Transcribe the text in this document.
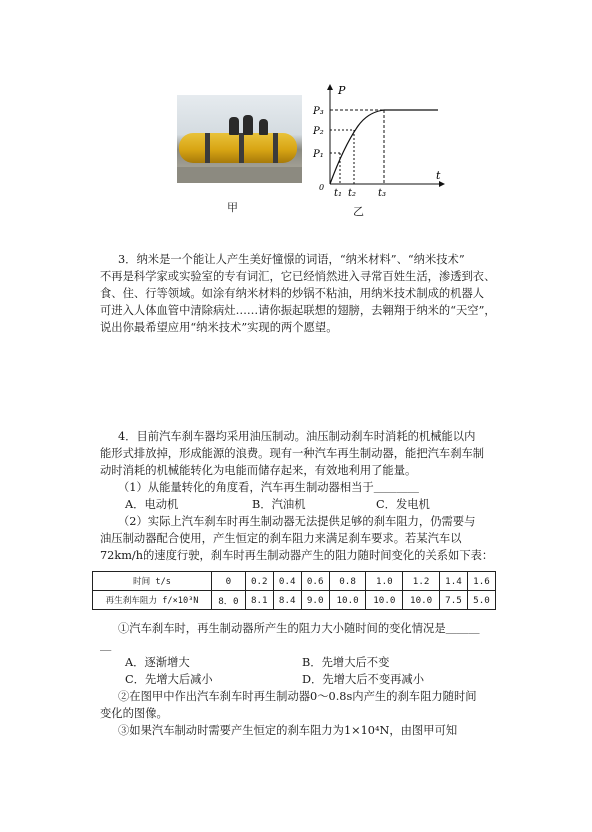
甲
P
t
0
P₁
P₂
P₃
t₁ t₂ t₃
乙
3．纳米是一个能让人产生美好憧憬的词语，“纳米材料”、“纳米技术”
不再是科学家或实验室的专有词汇，它已经悄然进入寻常百姓生活，渗透到衣、
食、住、行等领域。如涂有纳米材料的炒锅不粘油，用纳米技术制成的机器人
可进入人体血管中清除病灶……请你振起联想的翅膀，去翱翔于纳米的“天空”，
说出你最希望应用“纳米技术”实现的两个愿望。
4．目前汽车刹车器均采用油压制动。油压制动刹车时消耗的机械能以内
能形式排放掉，形成能源的浪费。现有一种汽车再生制动器，能把汽车刹车制
动时消耗的机械能转化为电能而储存起来，有效地利用了能量。
（1）从能量转化的角度看，汽车再生制动器相当于＿＿＿＿
A．电动机	B．汽油机	C．发电机
（2）实际上汽车刹车时再生制动器无法提供足够的刹车阻力，仍需要与
油压制动器配合使用，产生恒定的刹车阻力来满足刹车要求。若某汽车以
72km/h的速度行驶，刹车时再生制动器产生的阻力随时间变化的关系如下表：
时间 t/s	0	0.2	0.4	0.6	0.8	1.0	1.2	1.4	1.6
再生刹车阻力 f/×10³N	8．0	8.1	8.4	9.0	10.0	10.0	10.0	7.5	5.0
①汽车刹车时，再生制动器所产生的阻力大小随时间的变化情况是＿＿＿
＿
A．逐渐增大	B．先增大后不变
C．先增大后减小	D．先增大后不变再减小
②在图甲中作出汽车刹车时再生制动器0～0.8s内产生的刹车阻力随时间
变化的图像。
③如果汽车制动时需要产生恒定的刹车阻力为1×10⁴N，由图甲可知
